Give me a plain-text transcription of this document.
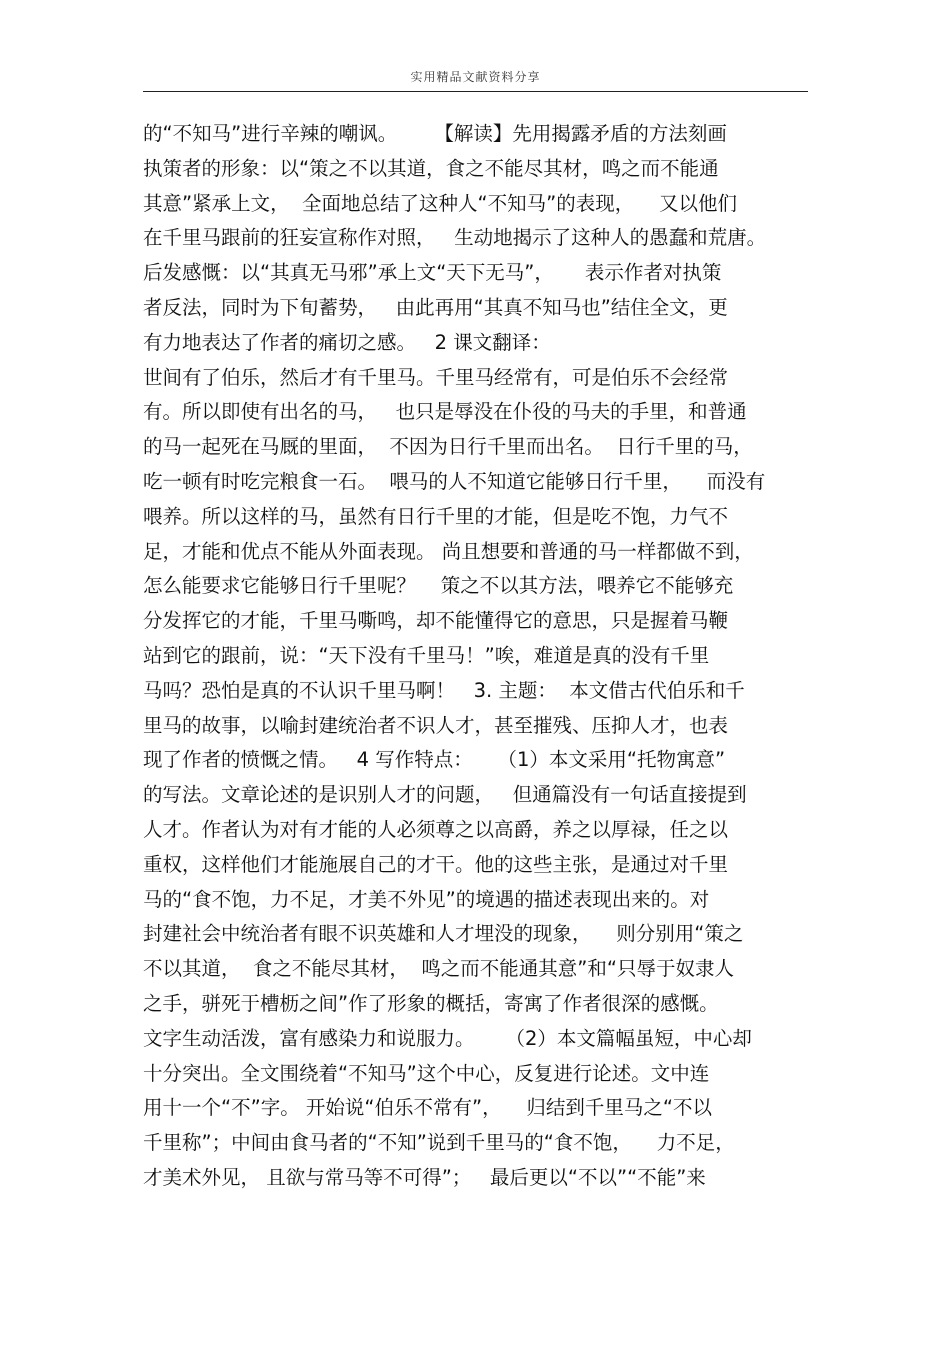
实用精品文献资料分享
的“不知马”进行辛辣的嘲讽。      【解读】先用揭露矛盾的方法刻画
执策者的形象：以“策之不以其道，食之不能尽其材，鸣之而不能通
其意”紧承上文，  全面地总结了这种人“不知马”的表现，    又以他们
在千里马跟前的狂妄宣称作对照，   生动地揭示了这种人的愚蠢和荒唐。
后发感慨：以“其真无马邪”承上文“天下无马”，     表示作者对执策
者反法，同时为下旬蓄势，   由此再用“其真不知马也”结住全文，更
有力地表达了作者的痛切之感。   2 课文翻译：
世间有了伯乐，然后才有千里马。千里马经常有，可是伯乐不会经常
有。所以即使有出名的马，   也只是辱没在仆役的马夫的手里，和普通
的马一起死在马厩的里面，  不因为日行千里而出名。  日行千里的马，
吃一顿有时吃完粮食一石。  喂马的人不知道它能够日行千里，    而没有
喂养。所以这样的马，虽然有日行千里的才能，但是吃不饱，力气不
足，才能和优点不能从外面表现。 尚且想要和普通的马一样都做不到，
怎么能要求它能够日行千里呢？    策之不以其方法，喂养它不能够充
分发挥它的才能，千里马嘶鸣，却不能懂得它的意思，只是握着马鞭
站到它的跟前，说：“天下没有千里马！”唉，难道是真的没有千里
马吗？恐怕是真的不认识千里马啊！   3. 主题：  本文借古代伯乐和千
里马的故事，以喻封建统治者不识人才，甚至摧残、压抑人才，也表
现了作者的愤慨之情。   4 写作特点：    （1）本文采用“托物寓意”
的写法。文章论述的是识别人才的问题，   但通篇没有一句话直接提到
人才。作者认为对有才能的人必须尊之以高爵，养之以厚禄，任之以
重权，这样他们才能施展自己的才干。他的这些主张，是通过对千里
马的“食不饱，力不足，才美不外见”的境遇的描述表现出来的。对
封建社会中统治者有眼不识英雄和人才埋没的现象，    则分别用“策之
不以其道，  食之不能尽其材，  鸣之而不能通其意”和“只辱于奴隶人
之手，骈死于槽枥之间”作了形象的概括，寄寓了作者很深的感慨。
文字生动活泼，富有感染力和说服力。     （2）本文篇幅虽短，中心却
十分突出。全文围绕着“不知马”这个中心，反复进行论述。文中连
用十一个“不”字。 开始说“伯乐不常有”，    归结到千里马之“不以
千里称”；中间由食马者的“不知”说到千里马的“食不饱，    力不足，
才美术外见， 且欲与常马等不可得”；   最后更以“不以”“不能”来
